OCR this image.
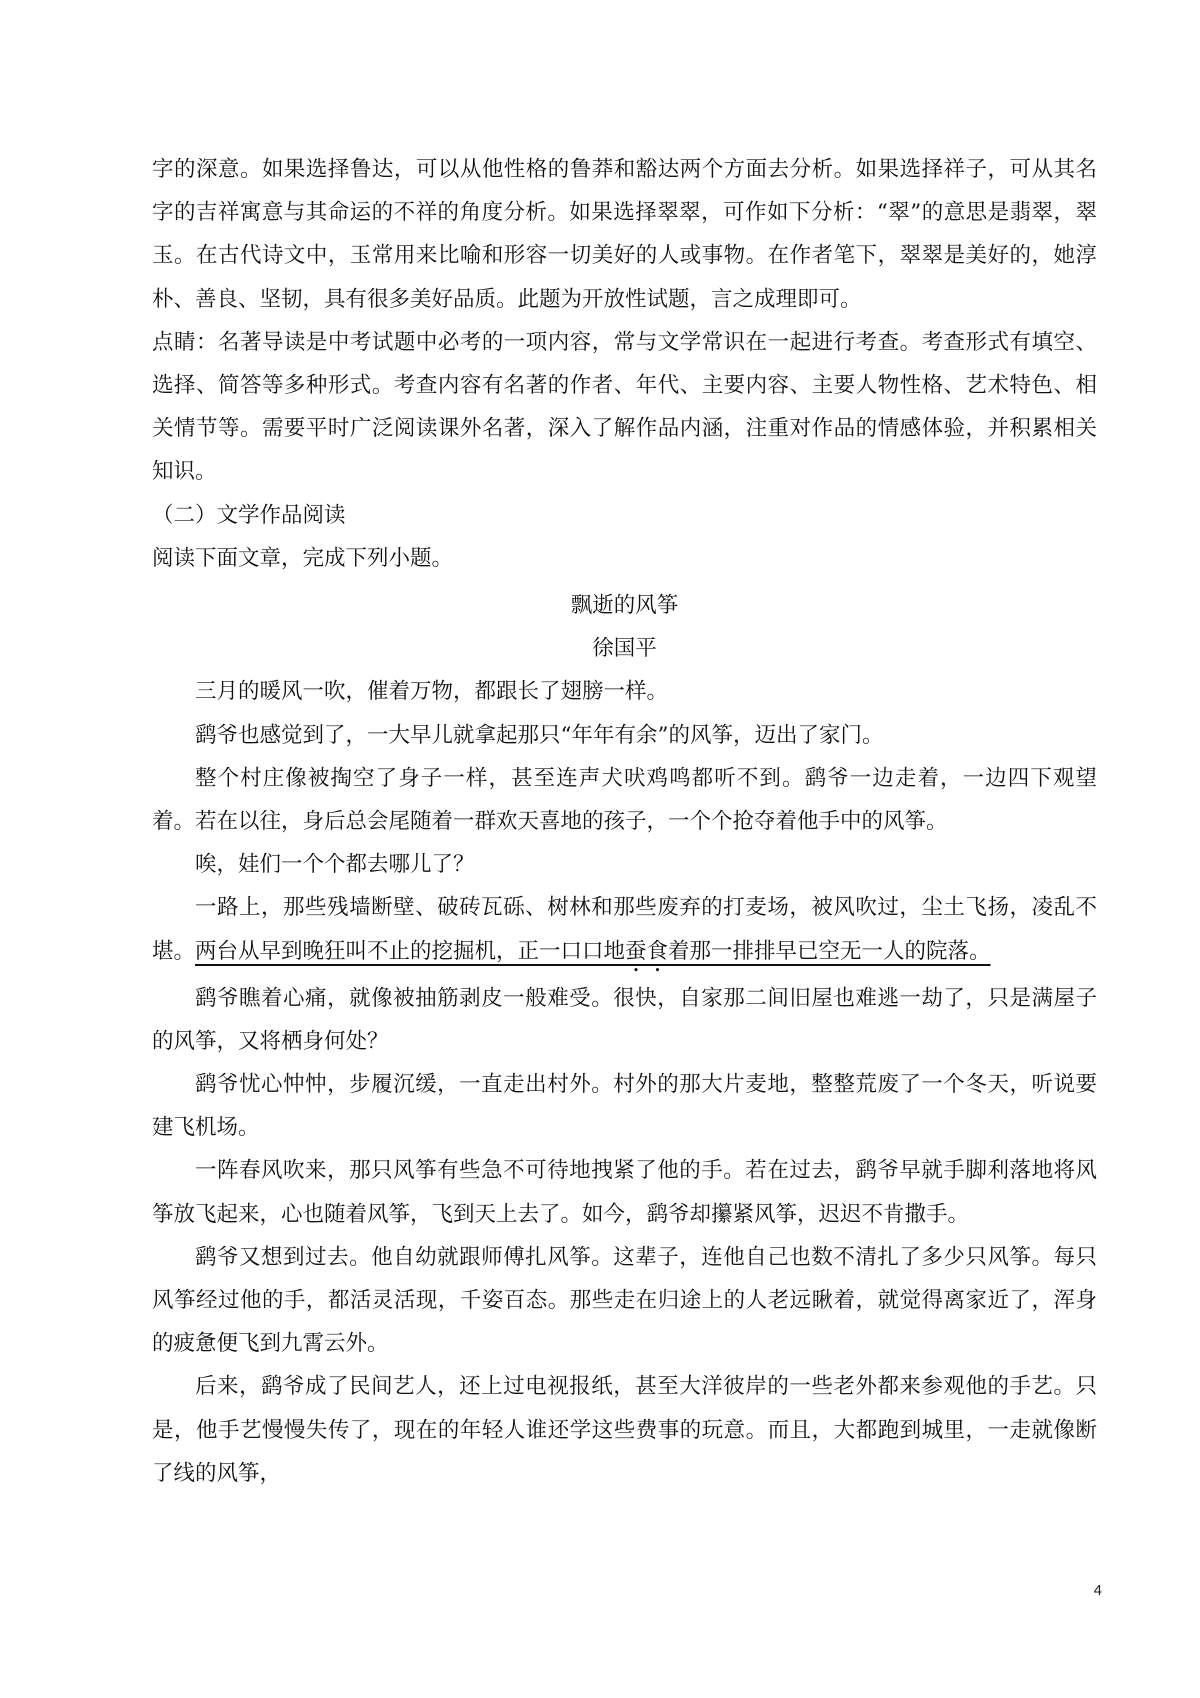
字的深意。如果选择鲁达，可以从他性格的鲁莽和豁达两个方面去分析。如果选择祥子，可从其名字的吉祥寓意与其命运的不祥的角度分析。如果选择翠翠，可作如下分析：“翠”的意思是翡翠，翠玉。在古代诗文中，玉常用来比喻和形容一切美好的人或事物。在作者笔下，翠翠是美好的，她淳朴、善良、坚韧，具有很多美好品质。此题为开放性试题，言之成理即可。

点睛：名著导读是中考试题中必考的一项内容，常与文学常识在一起进行考查。考查形式有填空、选择、简答等多种形式。考查内容有名著的作者、年代、主要内容、主要人物性格、艺术特色、相关情节等。需要平时广泛阅读课外名著，深入了解作品内涵，注重对作品的情感体验，并积累相关知识。

（二）文学作品阅读

阅读下面文章，完成下列小题。

飘逝的风筝

徐国平

三月的暖风一吹，催着万物，都跟长了翅膀一样。

鹞爷也感觉到了，一大早儿就拿起那只“年年有余”的风筝，迈出了家门。

整个村庄像被掏空了身子一样，甚至连声犬吠鸡鸣都听不到。鹞爷一边走着，一边四下观望着。若在以往，身后总会尾随着一群欢天喜地的孩子，一个个抢夺着他手中的风筝。

唉，娃们一个个都去哪儿了？

一路上，那些残墙断壁、破砖瓦砾、树林和那些废弃的打麦场，被风吹过，尘土飞扬，凌乱不堪。两台从早到晚狂叫不止的挖掘机，正一口口地蚕食着那一排排早已空无一人的院落。

鹞爷瞧着心痛，就像被抽筋剥皮一般难受。很快，自家那二间旧屋也难逃一劫了，只是满屋子的风筝，又将栖身何处？

鹞爷忧心忡忡，步履沉缓，一直走出村外。村外的那大片麦地，整整荒废了一个冬天，听说要建飞机场。

一阵春风吹来，那只风筝有些急不可待地拽紧了他的手。若在过去，鹞爷早就手脚利落地将风筝放飞起来，心也随着风筝，飞到天上去了。如今，鹞爷却攥紧风筝，迟迟不肯撒手。

鹞爷又想到过去。他自幼就跟师傅扎风筝。这辈子，连他自己也数不清扎了多少只风筝。每只风筝经过他的手，都活灵活现，千姿百态。那些走在归途上的人老远瞅着，就觉得离家近了，浑身的疲惫便飞到九霄云外。

后来，鹞爷成了民间艺人，还上过电视报纸，甚至大洋彼岸的一些老外都来参观他的手艺。只是，他手艺慢慢失传了，现在的年轻人谁还学这些费事的玩意。而且，大都跑到城里，一走就像断了线的风筝，

4
